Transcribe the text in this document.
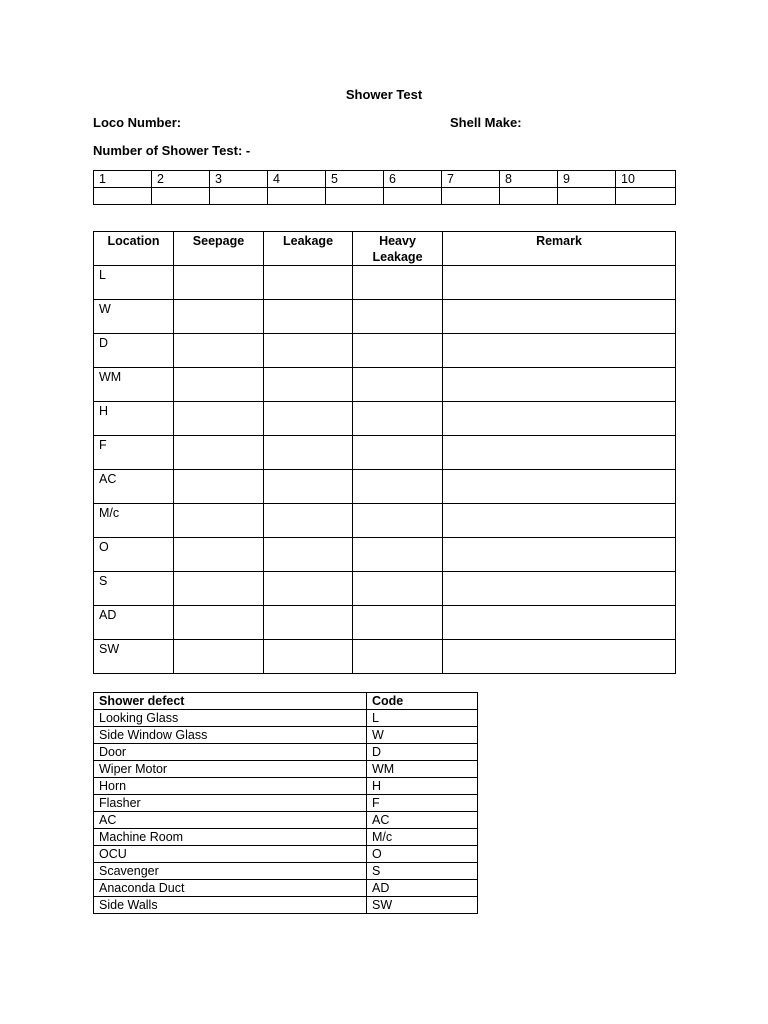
Shower Test
Loco Number:	Shell Make:
Number of Shower Test: -
1	2	3	4	5	6	7	8	9	10

Location	Seepage	Leakage	Heavy Leakage	Remark
L				
W				
D				
WM				
H				
F				
AC				
M/c				
O				
S				
AD				
SW				
Shower defect	Code
Looking Glass	L
Side Window Glass	W
Door	D
Wiper Motor	WM
Horn	H
Flasher	F
AC	AC
Machine Room	M/c
OCU	O
Scavenger	S
Anaconda Duct	AD
Side Walls	SW
